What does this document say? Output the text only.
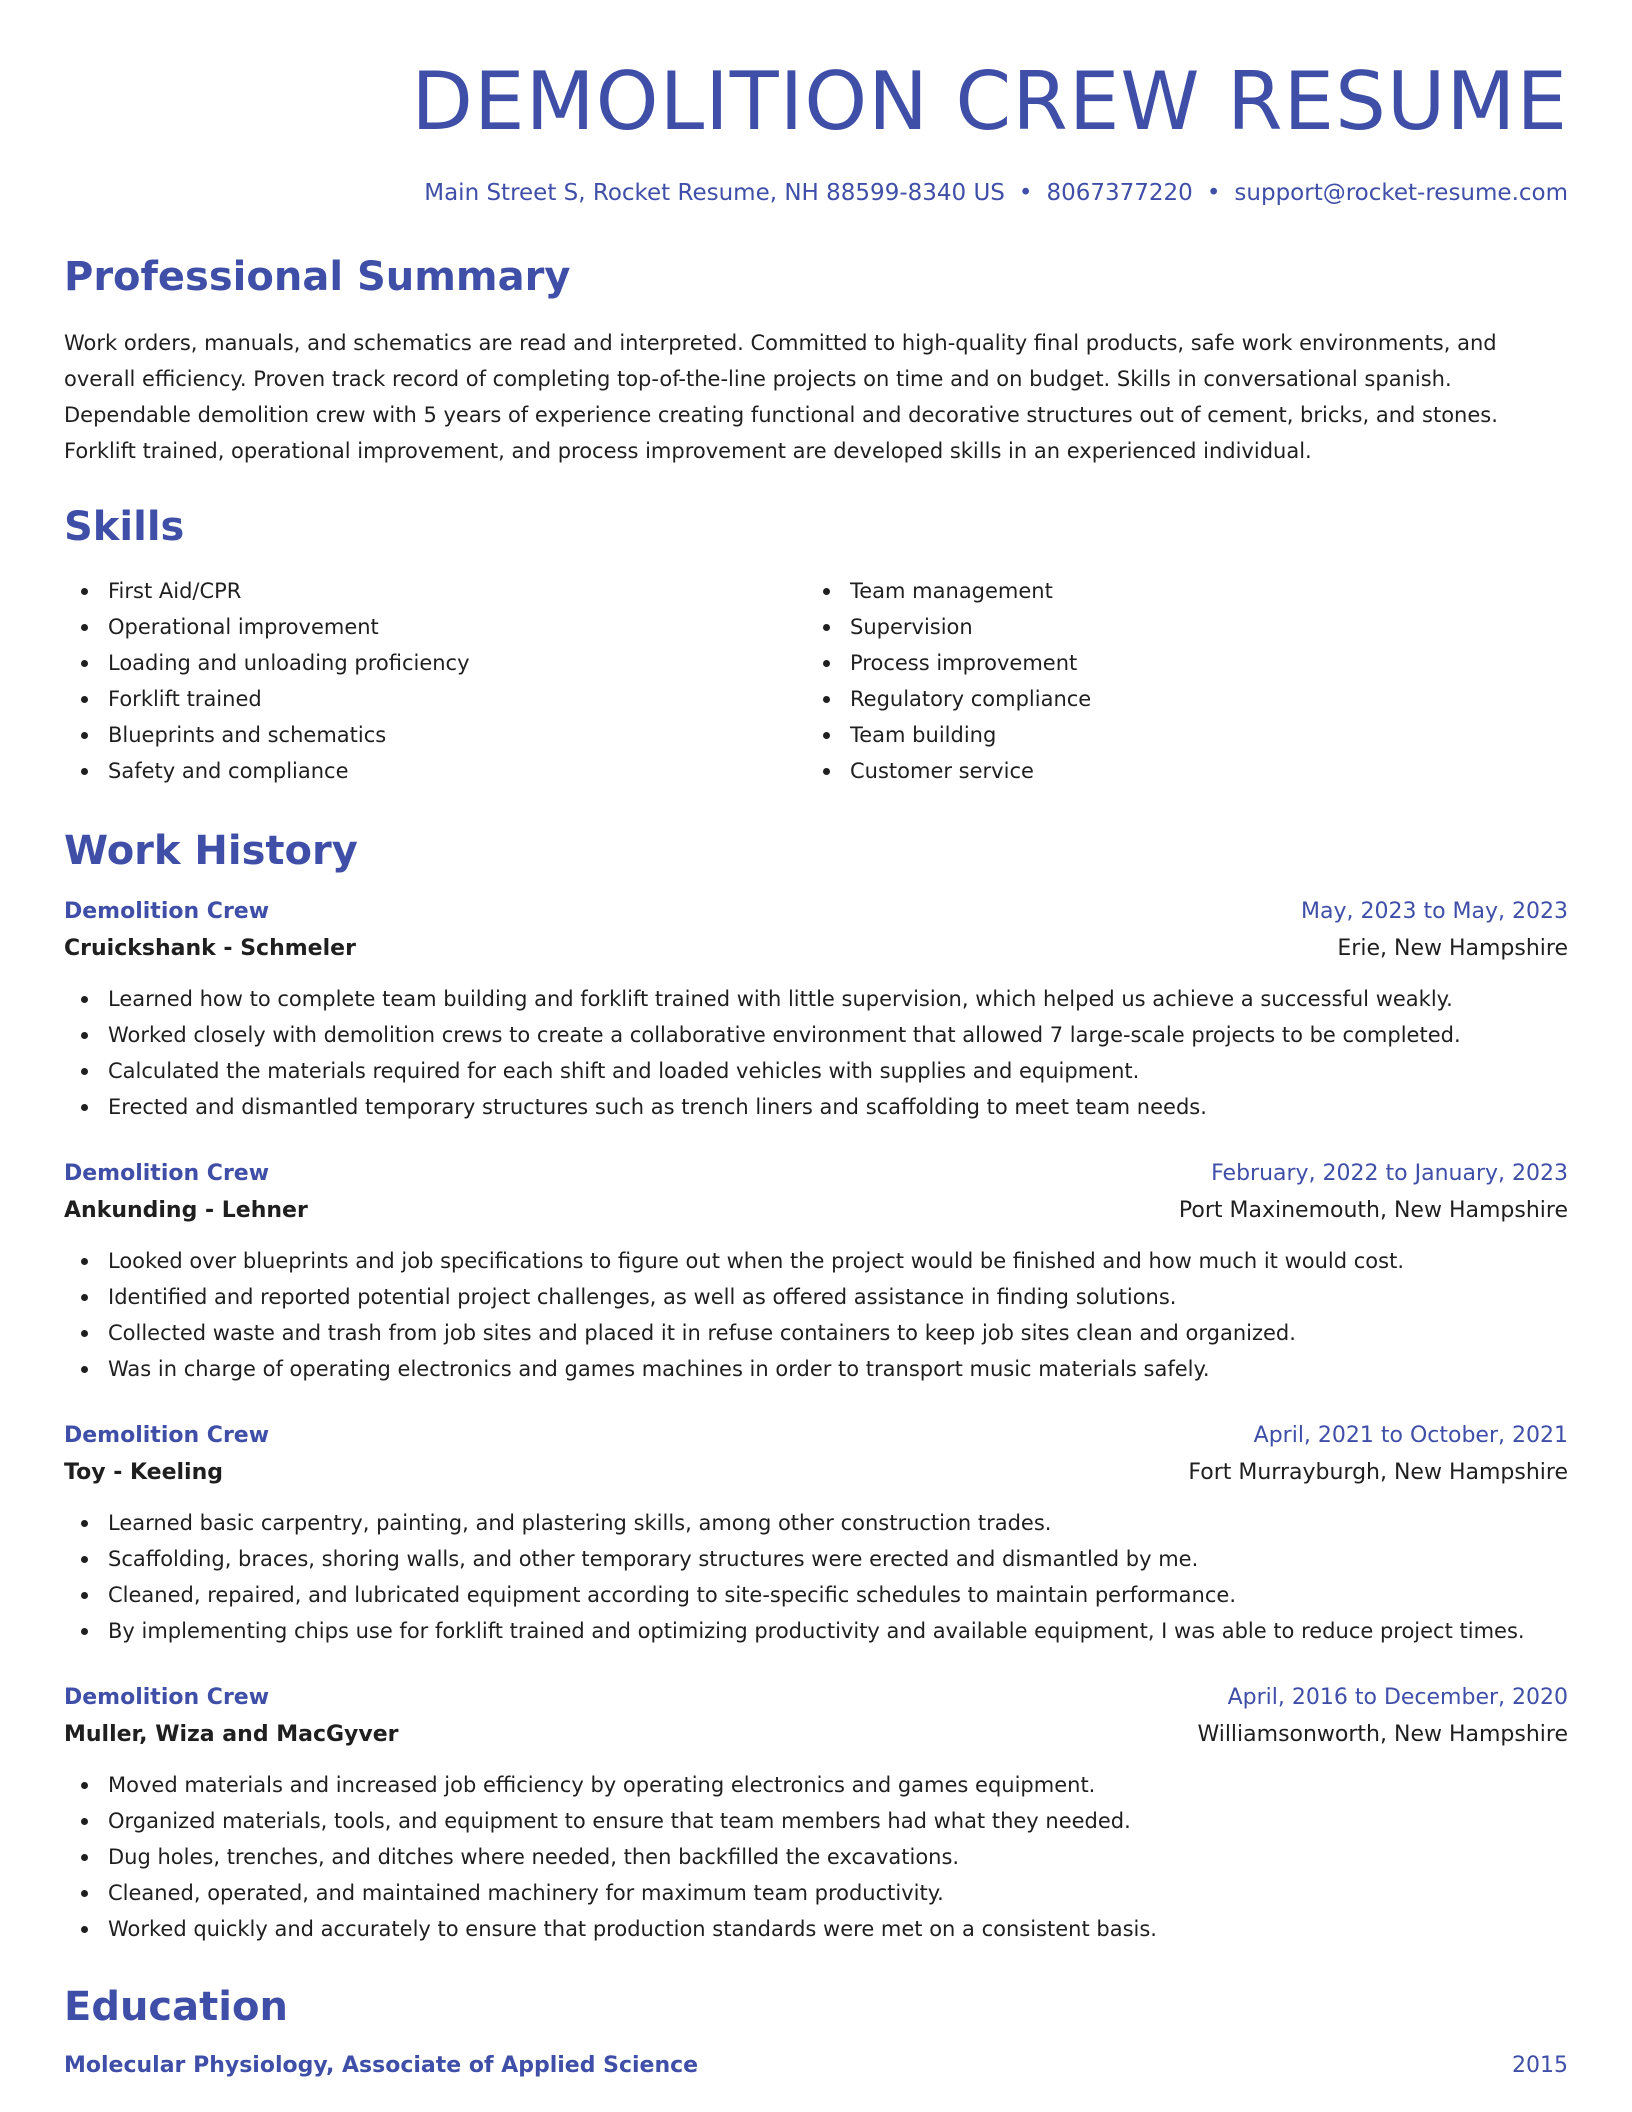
DEMOLITION CREW RESUME
Main Street S, Rocket Resume, NH 88599-8340 US • 8067377220 • support@rocket-resume.com
Professional Summary

Work orders, manuals, and schematics are read and interpreted. Committed to high-quality final products, safe work environments, and overall efficiency. Proven track record of completing top-of-the-line projects on time and on budget. Skills in conversational spanish. Dependable demolition crew with 5 years of experience creating functional and decorative structures out of cement, bricks, and stones. Forklift trained, operational improvement, and process improvement are developed skills in an experienced individual.

Skills
First Aid/CPR
Operational improvement
Loading and unloading proficiency
Forklift trained
Blueprints and schematics
Safety and compliance
Team management
Supervision
Process improvement
Regulatory compliance
Team building
Customer service
Work History
Demolition Crew	May, 2023 to May, 2023
Cruickshank - Schmeler	Erie, New Hampshire
Learned how to complete team building and forklift trained with little supervision, which helped us achieve a successful weakly.
Worked closely with demolition crews to create a collaborative environment that allowed 7 large-scale projects to be completed.
Calculated the materials required for each shift and loaded vehicles with supplies and equipment.
Erected and dismantled temporary structures such as trench liners and scaffolding to meet team needs.
Demolition Crew	February, 2022 to January, 2023
Ankunding - Lehner	Port Maxinemouth, New Hampshire
Looked over blueprints and job specifications to figure out when the project would be finished and how much it would cost.
Identified and reported potential project challenges, as well as offered assistance in finding solutions.
Collected waste and trash from job sites and placed it in refuse containers to keep job sites clean and organized.
Was in charge of operating electronics and games machines in order to transport music materials safely.
Demolition Crew	April, 2021 to October, 2021
Toy - Keeling	Fort Murrayburgh, New Hampshire
Learned basic carpentry, painting, and plastering skills, among other construction trades.
Scaffolding, braces, shoring walls, and other temporary structures were erected and dismantled by me.
Cleaned, repaired, and lubricated equipment according to site-specific schedules to maintain performance.
By implementing chips use for forklift trained and optimizing productivity and available equipment, I was able to reduce project times.
Demolition Crew	April, 2016 to December, 2020
Muller, Wiza and MacGyver	Williamsonworth, New Hampshire
Moved materials and increased job efficiency by operating electronics and games equipment.
Organized materials, tools, and equipment to ensure that team members had what they needed.
Dug holes, trenches, and ditches where needed, then backfilled the excavations.
Cleaned, operated, and maintained machinery for maximum team productivity.
Worked quickly and accurately to ensure that production standards were met on a consistent basis.
Education
Molecular Physiology, Associate of Applied Science	2015
